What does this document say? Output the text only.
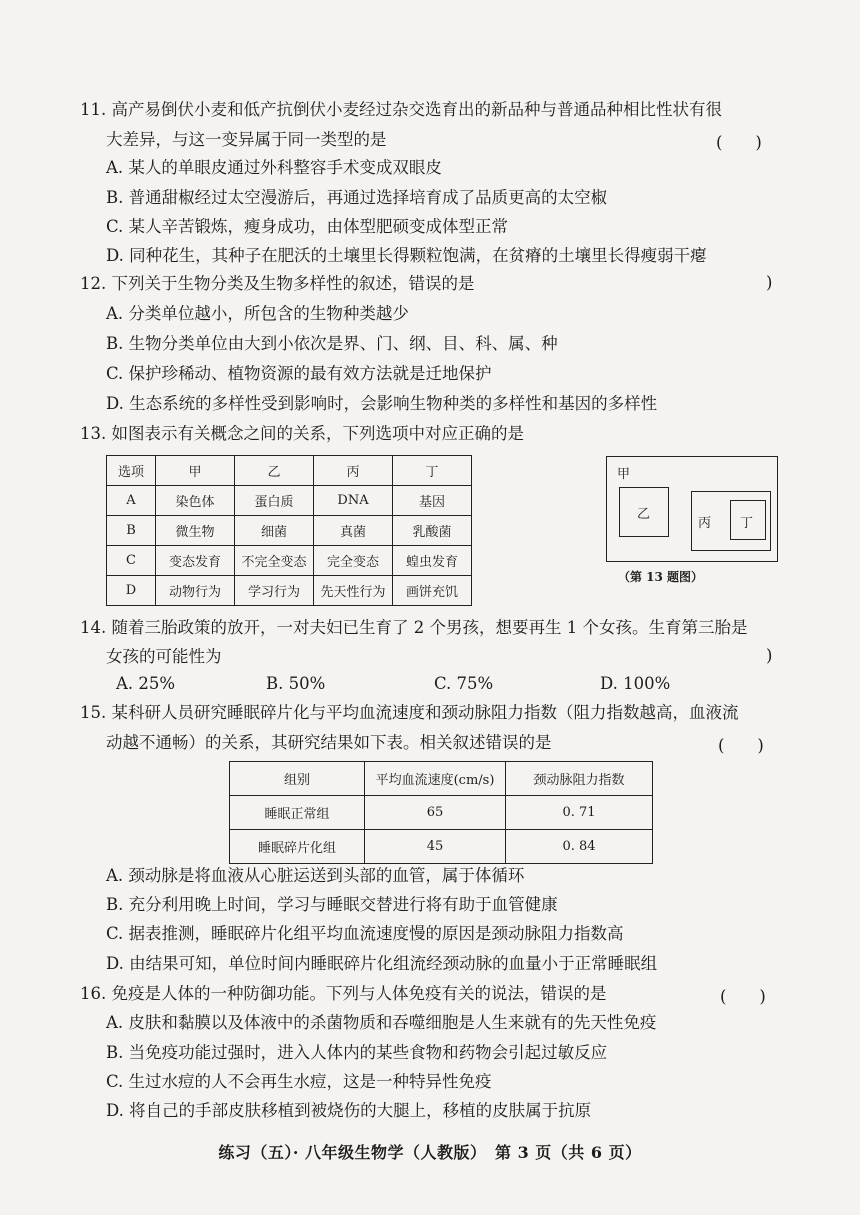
11. 高产易倒伏小麦和低产抗倒伏小麦经过杂交选育出的新品种与普通品种相比性状有很
大差异，与这一变异属于同一类型的是	(　　)
A. 某人的单眼皮通过外科整容手术变成双眼皮
B. 普通甜椒经过太空漫游后，再通过选择培育成了品质更高的太空椒
C. 某人辛苦锻炼，瘦身成功，由体型肥硕变成体型正常
D. 同种花生，其种子在肥沃的土壤里长得颗粒饱满，在贫瘠的土壤里长得瘦弱干瘪
12. 下列关于生物分类及生物多样性的叙述，错误的是	)
A. 分类单位越小，所包含的生物种类越少
B. 生物分类单位由大到小依次是界、门、纲、目、科、属、种
C. 保护珍稀动、植物资源的最有效方法就是迁地保护
D. 生态系统的多样性受到影响时，会影响生物种类的多样性和基因的多样性
13. 如图表示有关概念之间的关系，下列选项中对应正确的是
选项	甲	乙	丙	丁
A	染色体	蛋白质	DNA	基因
B	微生物	细菌	真菌	乳酸菌
C	变态发育	不完全变态	完全变态	蝗虫发育
D	动物行为	学习行为	先天性行为	画饼充饥
甲
乙
丙 丁
（第 13 题图）
14. 随着三胎政策的放开，一对夫妇已生育了 2 个男孩，想要再生 1 个女孩。生育第三胎是
女孩的可能性为	)
A. 25%	B. 50%	C. 75%	D. 100%
15. 某科研人员研究睡眠碎片化与平均血流速度和颈动脉阻力指数（阻力指数越高，血液流
动越不通畅）的关系，其研究结果如下表。相关叙述错误的是	(　　)
组别	平均血流速度(cm/s)	颈动脉阻力指数
睡眠正常组	65	0. 71
睡眠碎片化组	45	0. 84
A. 颈动脉是将血液从心脏运送到头部的血管，属于体循环
B. 充分利用晚上时间，学习与睡眠交替进行将有助于血管健康
C. 据表推测，睡眠碎片化组平均血流速度慢的原因是颈动脉阻力指数高
D. 由结果可知，单位时间内睡眠碎片化组流经颈动脉的血量小于正常睡眠组
16. 免疫是人体的一种防御功能。下列与人体免疫有关的说法，错误的是	(　　)
A. 皮肤和黏膜以及体液中的杀菌物质和吞噬细胞是人生来就有的先天性免疫
B. 当免疫功能过强时，进入人体内的某些食物和药物会引起过敏反应
C. 生过水痘的人不会再生水痘，这是一种特异性免疫
D. 将自己的手部皮肤移植到被烧伤的大腿上，移植的皮肤属于抗原
练习（五）· 八年级生物学（人教版）　第 3 页（共 6 页）
